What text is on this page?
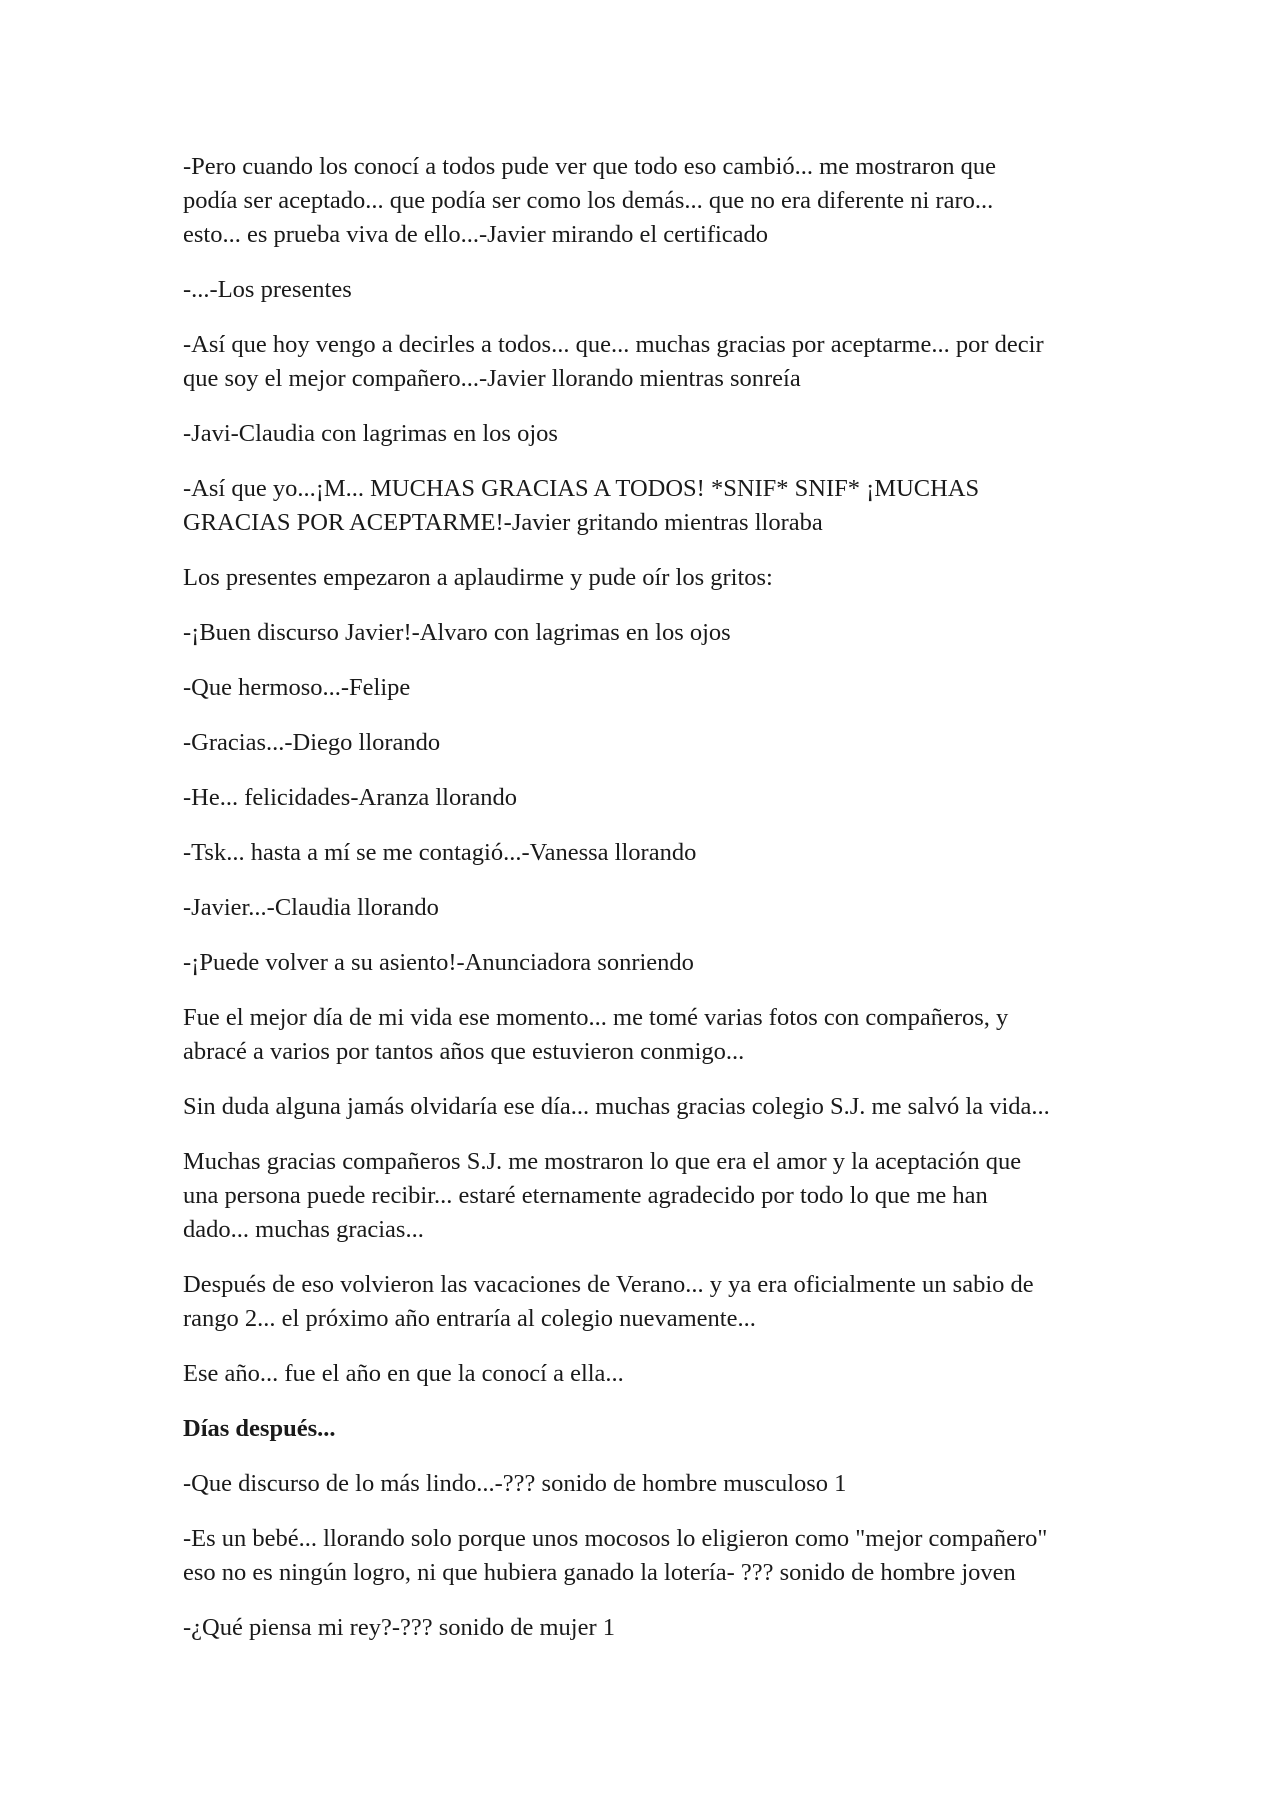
-Pero cuando los conocí a todos pude ver que todo eso cambió... me mostraron que
podía ser aceptado... que podía ser como los demás... que no era diferente ni raro...
esto... es prueba viva de ello...-Javier mirando el certificado

-...-Los presentes

-Así que hoy vengo a decirles a todos... que... muchas gracias por aceptarme... por decir
que soy el mejor compañero...-Javier llorando mientras sonreía

-Javi-Claudia con lagrimas en los ojos

-Así que yo...¡M... MUCHAS GRACIAS A TODOS! *SNIF* SNIF* ¡MUCHAS
GRACIAS POR ACEPTARME!-Javier gritando mientras lloraba

Los presentes empezaron a aplaudirme y pude oír los gritos:

-¡Buen discurso Javier!-Alvaro con lagrimas en los ojos

-Que hermoso...-Felipe

-Gracias...-Diego llorando

-He... felicidades-Aranza llorando

-Tsk... hasta a mí se me contagió...-Vanessa llorando

-Javier...-Claudia llorando

-¡Puede volver a su asiento!-Anunciadora sonriendo

Fue el mejor día de mi vida ese momento... me tomé varias fotos con compañeros, y
abracé a varios por tantos años que estuvieron conmigo...

Sin duda alguna jamás olvidaría ese día... muchas gracias colegio S.J. me salvó la vida...

Muchas gracias compañeros S.J. me mostraron lo que era el amor y la aceptación que
una persona puede recibir... estaré eternamente agradecido por todo lo que me han
dado... muchas gracias...

Después de eso volvieron las vacaciones de Verano... y ya era oficialmente un sabio de
rango 2... el próximo año entraría al colegio nuevamente...

Ese año... fue el año en que la conocí a ella...

Días después...

-Que discurso de lo más lindo...-??? sonido de hombre musculoso 1

-Es un bebé... llorando solo porque unos mocosos lo eligieron como "mejor compañero"
eso no es ningún logro, ni que hubiera ganado la lotería- ??? sonido de hombre joven

-¿Qué piensa mi rey?-??? sonido de mujer 1
